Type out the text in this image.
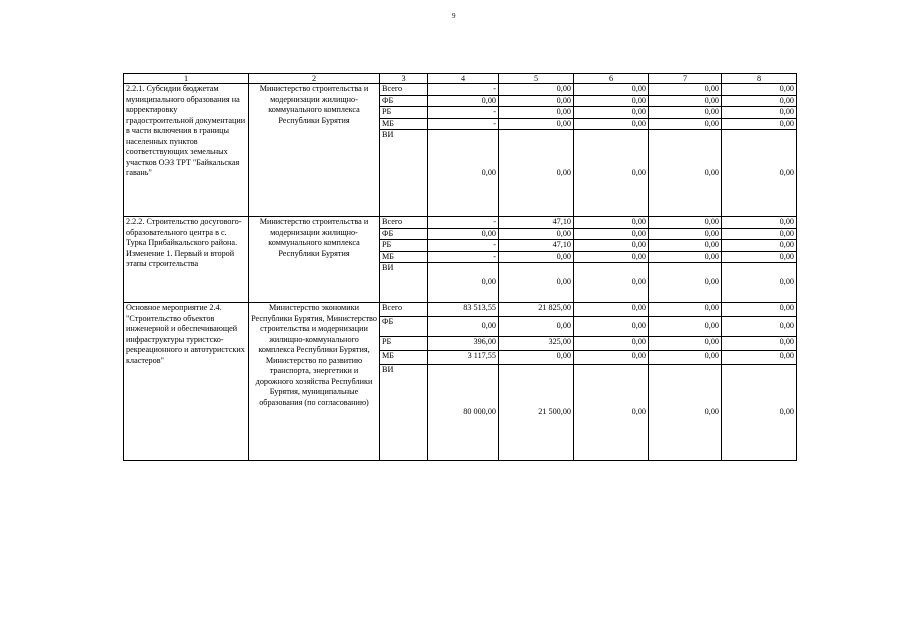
9
1	2	3	4	5	6	7	8
2.2.1. Субсидии бюджетам муниципального образования на корректировку градостроительной документации в части включения в границы населенных пунктов соответствующих земельных участков ОЭЗ ТРТ "Байкальская гавань"	Министерство строительства и модернизации жилищно-коммунального комплекса Республики Бурятия	Всего	-	0,00	0,00	0,00	0,00
		ФБ	0,00	0,00	0,00	0,00	0,00
		РБ	-	0,00	0,00	0,00	0,00
		МБ	-	0,00	0,00	0,00	0,00
		ВИ	0,00	0,00	0,00	0,00	0,00
2.2.2. Строительство досугового-образовательного центра в с. Турка Прибайкальского района. Изменение 1. Первый и второй этапы строительства	Министерство строительства и модернизации жилищно-коммунального комплекса Республики Бурятия	Всего	-	47,10	0,00	0,00	0,00
		ФБ	0,00	0,00	0,00	0,00	0,00
		РБ	-	47,10	0,00	0,00	0,00
		МБ	-	0,00	0,00	0,00	0,00
		ВИ	0,00	0,00	0,00	0,00	0,00
Основное мероприятие 2.4. "Строительство объектов инженерной и обеспечивающей инфраструктуры туристско-рекреационного и автотуристских кластеров"	Министерство экономики Республики Бурятия, Министерство строительства и модернизации жилищно-коммунального комплекса Республики Бурятия, Министерство по развитию транспорта, энергетики и дорожного хозяйства Республики Бурятия, муниципальные образования (по согласованию)	Всего	83 513,55	21 825,00	0,00	0,00	0,00
		ФБ	0,00	0,00	0,00	0,00	0,00
		РБ	396,00	325,00	0,00	0,00	0,00
		МБ	3 117,55	0,00	0,00	0,00	0,00
		ВИ	80 000,00	21 500,00	0,00	0,00	0,00
